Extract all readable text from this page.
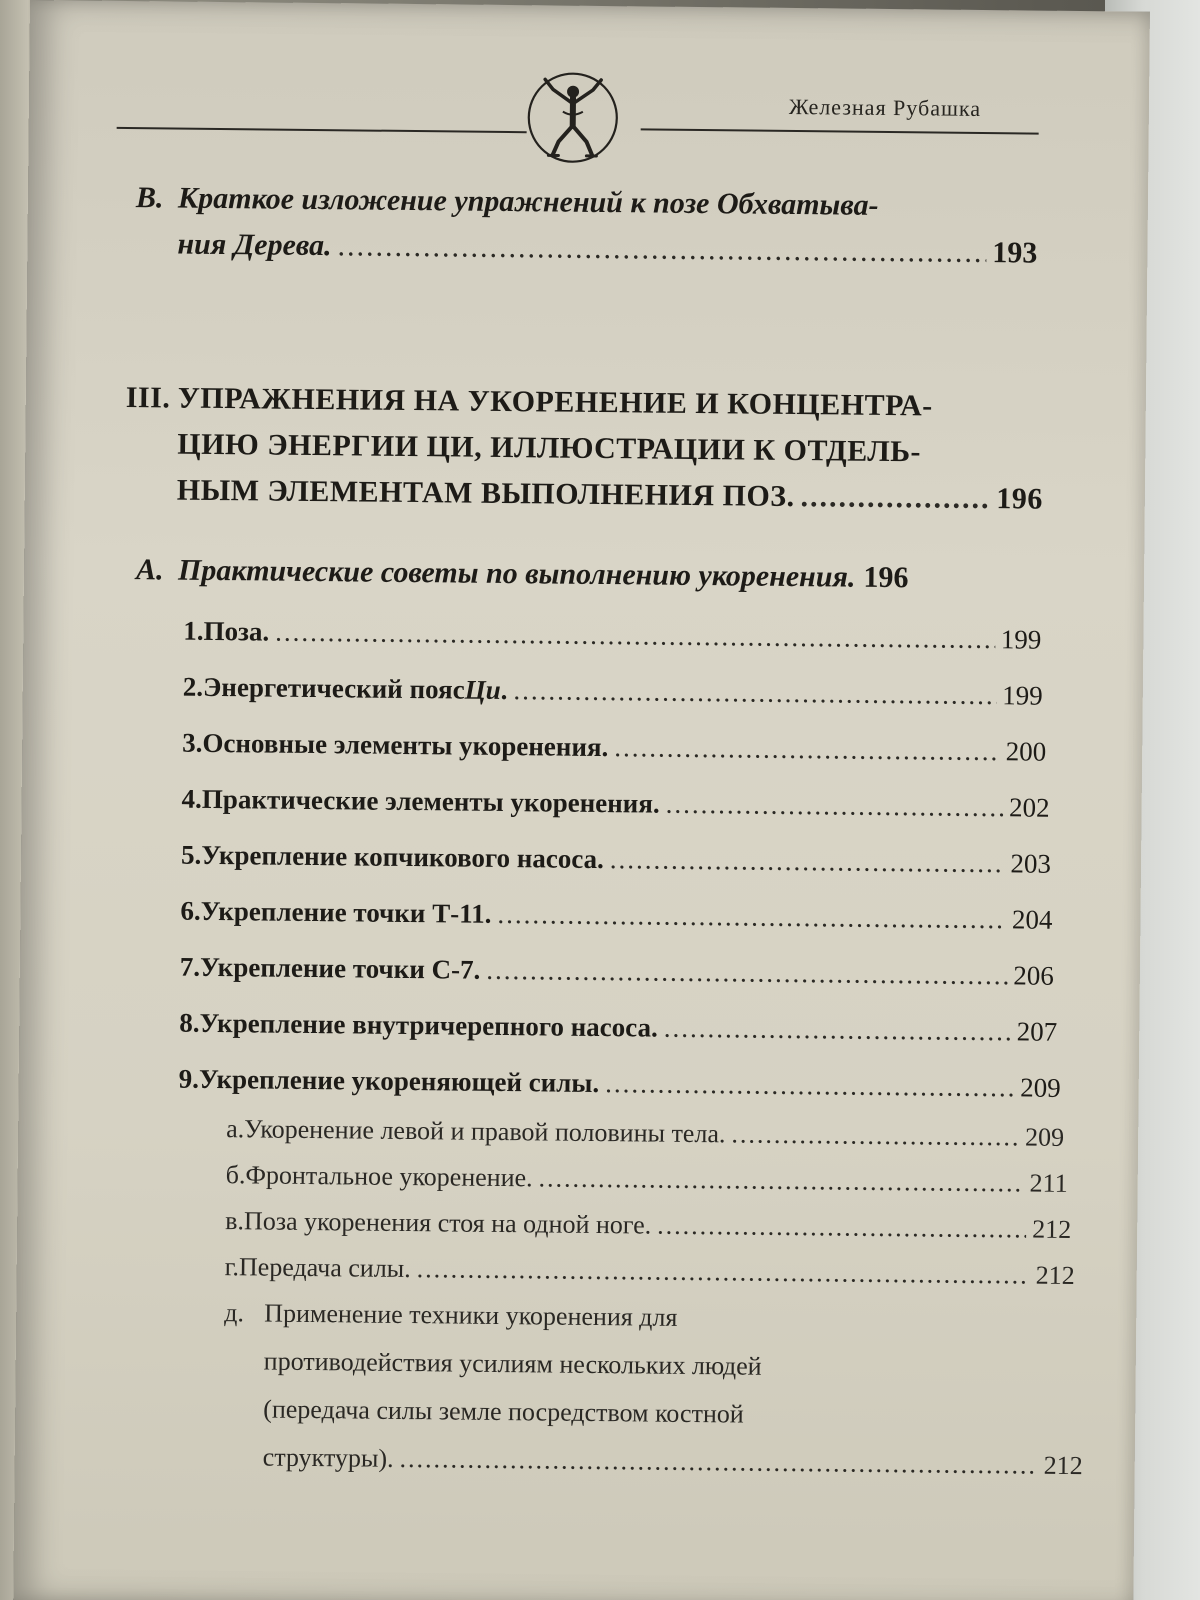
Железная Рубашка
В. Краткое изложение упражнений к позе Обхватыва-
ния Дерева. .....	193
III. УПРАЖНЕНИЯ НА УКОРЕНЕНИЕ И КОНЦЕНТРА-
ЦИЮ ЭНЕРГИИ ЦИ, ИЛЛЮСТРАЦИИ К ОТДЕЛЬ-
НЫМ ЭЛЕМЕНТАМ ВЫПОЛНЕНИЯ ПОЗ. .....	196
А. Практические советы по выполнению укоренения. 196
1. Поза. .....	199
2. Энергетический пояс Ци . .....	199
3. Основные элементы укоренения. .....	200
4. Практические элементы укоренения. .....	202
5. Укрепление копчикового насоса. .....	203
6. Укрепление точки Т-11. .....	204
7. Укрепление точки С-7. .....	206
8. Укрепление внутричерепного насоса. .....	207
9. Укрепление укореняющей силы. .....	209
а. Укоренение левой и правой половины тела. .....	209
б. Фронтальное укоренение. .....	211
в. Поза укоренения стоя на одной ноге. .....	212
г. Передача силы. .....	212
д. Применение техники укоренения для
противодействия усилиям нескольких людей
(передача силы земле посредством костной
структуры). .....	212
